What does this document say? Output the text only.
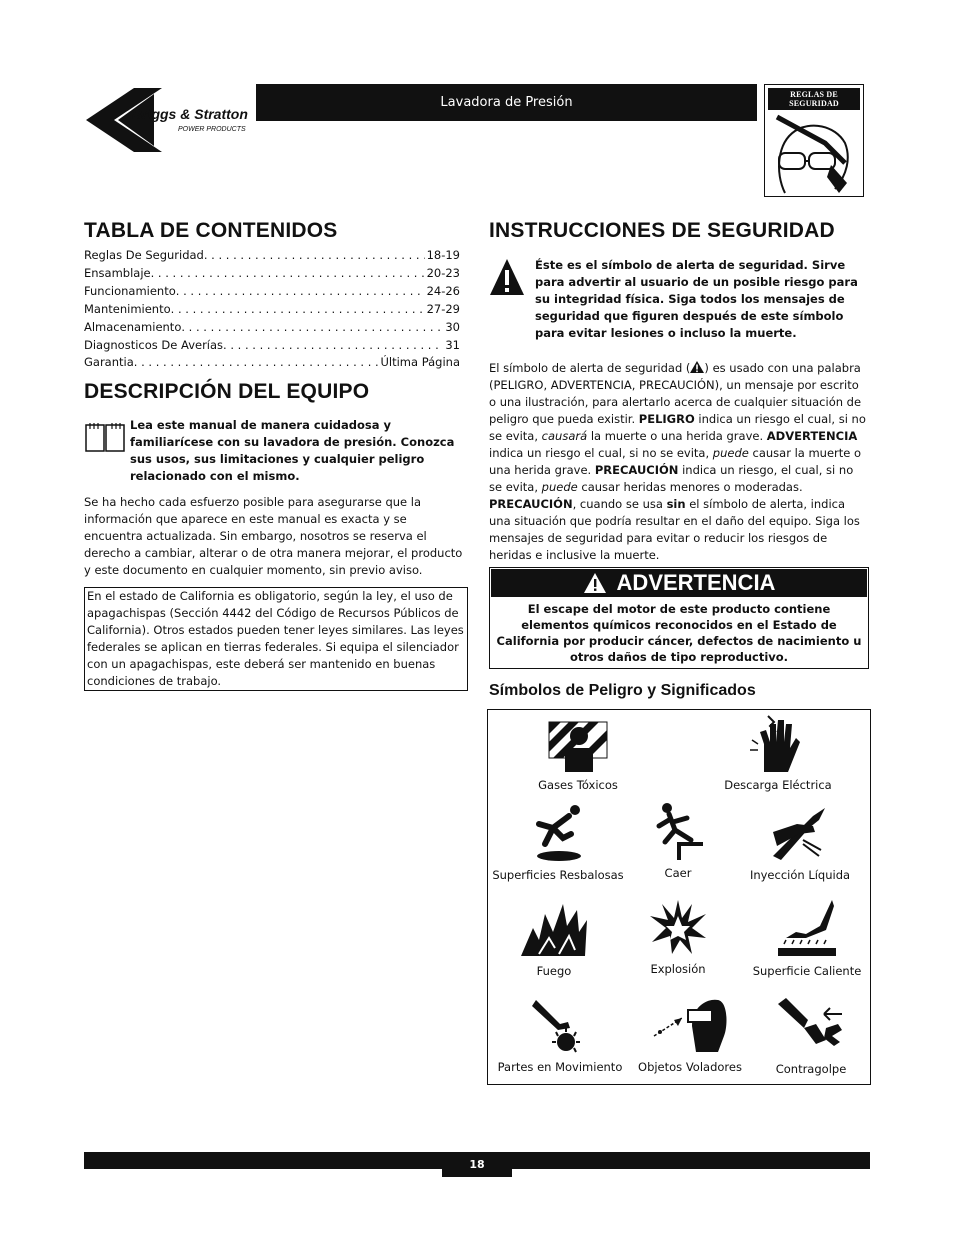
Briggs & Stratton
POWER PRODUCTS
Lavadora de Presión
REGLAS DE SEGURIDAD
TABLA DE CONTENIDOS
Reglas De Seguridad . . .	18-19
Ensamblaje . . .	20-23
Funcionamiento . . .	24-26
Mantenimiento . . .	27-29
Almacenamiento . . .	30
Diagnosticos De Averías . . .	31
Garantia . . .	Última Página
DESCRIPCIÓN DEL EQUIPO
Lea este manual de manera cuidadosa y familiarícese con su lavadora de presión. Conozca sus usos, sus limitaciones y cualquier peligro relacionado con el mismo.
Se ha hecho cada esfuerzo posible para asegurarse que la información que aparece en este manual es exacta y se encuentra actualizada. Sin embargo, nosotros se reserva el derecho a cambiar, alterar o de otra manera mejorar, el producto y este documento en cualquier momento, sin previo aviso.
En el estado de California es obligatorio, según la ley, el uso de apagachispas (Sección 4442 del Código de Recursos Públicos de California). Otros estados pueden tener leyes similares. Las leyes federales se aplican en tierras federales. Si equipa el silenciador con un apagachispas, este deberá ser mantenido en buenas condiciones de trabajo.
INSTRUCCIONES DE SEGURIDAD
Éste es el símbolo de alerta de seguridad. Sirve para advertir al usuario de un posible riesgo para su integridad física. Siga todos los mensajes de seguridad que figuren después de este símbolo para evitar lesiones o incluso la muerte.
El símbolo de alerta de seguridad ( ) es usado con una palabra (PELIGRO, ADVERTENCIA, PRECAUCIÓN), un mensaje por escrito o una ilustración, para alertarlo acerca de cualquier situación de peligro que pueda existir. PELIGRO indica un riesgo el cual, si no se evita, causará la muerte o una herida grave. ADVERTENCIA indica un riesgo el cual, si no se evita, puede causar la muerte o una herida grave. PRECAUCIÓN indica un riesgo, el cual, si no se evita, puede causar heridas menores o moderadas. PRECAUCIÓN, cuando se usa sin el símbolo de alerta, indica una situación que podría resultar en el daño del equipo. Siga los mensajes de seguridad para evitar o reducir los riesgos de heridas e inclusive la muerte.
ADVERTENCIA
El escape del motor de este producto contiene elementos químicos reconocidos en el Estado de California por producir cáncer, defectos de nacimiento u otros daños de tipo reproductivo.
Símbolos de Peligro y Significados
Gases Tóxicos	Descarga Eléctrica
Superficies Resbalosas	Caer	Inyección Líquida
Fuego	Explosión	Superficie Caliente
Partes en Movimiento	Objetos Voladores	Contragolpe
18
